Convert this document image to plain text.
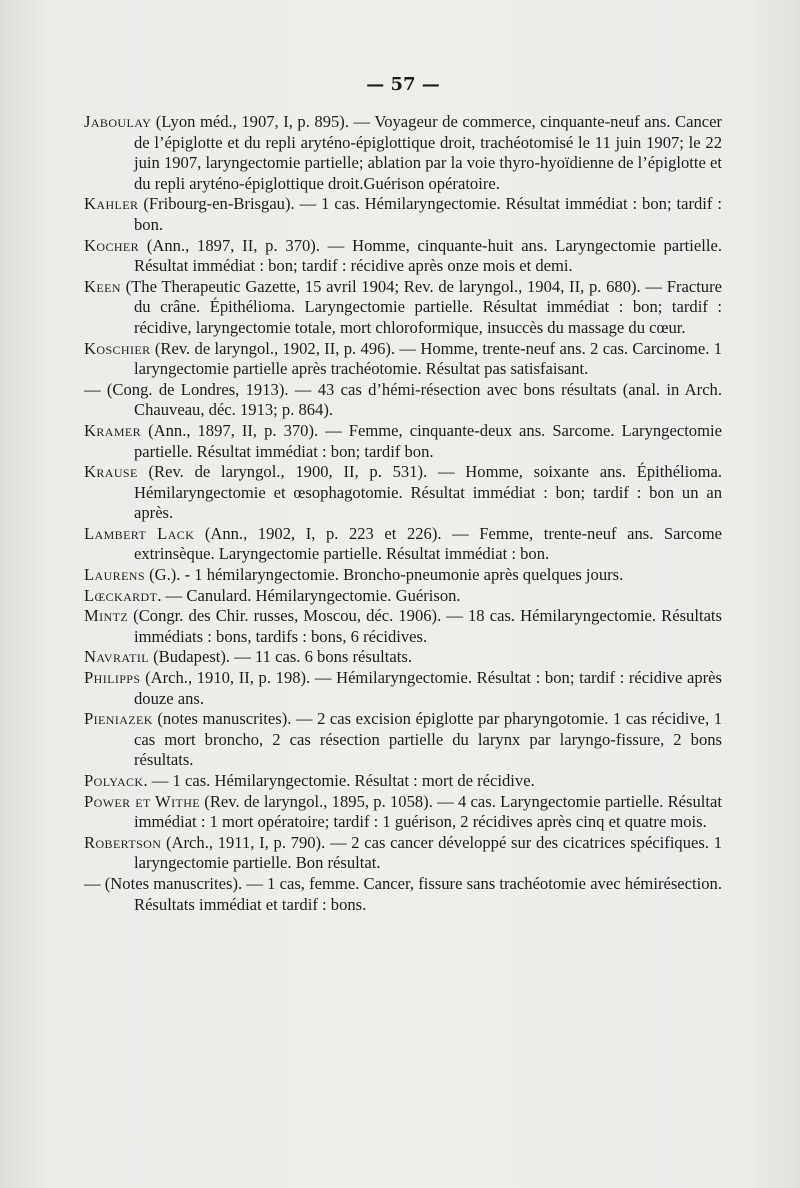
— 57 —
Jaboulay (Lyon méd., 1907, I, p. 895). — Voyageur de commerce, cinquante-neuf ans. Cancer de l’épiglotte et du repli aryténo-épiglottique droit, trachéotomisé le 11 juin 1907; le 22 juin 1907, laryngectomie partielle; ablation par la voie thyro-hyoïdienne de l’épiglotte et du repli aryténo-épiglottique droit.Guérison opératoire.
Kahler (Fribourg-en-Brisgau). — 1 cas. Hémilaryngectomie. Résultat immédiat : bon; tardif : bon.
Kocher (Ann., 1897, II, p. 370). — Homme, cinquante-huit ans. Laryngectomie partielle. Résultat immédiat : bon; tardif : récidive après onze mois et demi.
Keen (The Therapeutic Gazette, 15 avril 1904; Rev. de laryngol., 1904, II, p. 680). — Fracture du crâne. Épithélioma. Laryngectomie partielle. Résultat immédiat : bon; tardif : récidive, laryngectomie totale, mort chloroformique, insuccès du massage du cœur.
Koschier (Rev. de laryngol., 1902, II, p. 496). — Homme, trente-neuf ans. 2 cas. Carcinome. 1 laryngectomie partielle après trachéotomie. Résultat pas satisfaisant.
— (Cong. de Londres, 1913). — 43 cas d’hémi-résection avec bons résultats (anal. in Arch. Chauveau, déc. 1913; p. 864).
Kramer (Ann., 1897, II, p. 370). — Femme, cinquante-deux ans. Sarcome. Laryngectomie partielle. Résultat immédiat : bon; tardif bon.
Krause (Rev. de laryngol., 1900, II, p. 531). — Homme, soixante ans. Épithélioma. Hémilaryngectomie et œsophagotomie. Résultat immédiat : bon; tardif : bon un an après.
Lambert Lack (Ann., 1902, I, p. 223 et 226). — Femme, trente-neuf ans. Sarcome extrinsèque. Laryngectomie partielle. Résultat immédiat : bon.
Laurens (G.). - 1 hémilaryngectomie. Broncho-pneumonie après quelques jours.
Lœckardt. — Canulard. Hémilaryngectomie. Guérison.
Mintz (Congr. des Chir. russes, Moscou, déc. 1906). — 18 cas. Hémilaryngectomie. Résultats immédiats : bons, tardifs : bons, 6 récidives.
Navratil (Budapest). — 11 cas. 6 bons résultats.
Philipps (Arch., 1910, II, p. 198). — Hémilaryngectomie. Résultat : bon; tardif : récidive après douze ans.
Pieniazek (notes manuscrites). — 2 cas excision épiglotte par pharyngotomie. 1 cas récidive, 1 cas mort broncho, 2 cas résection partielle du larynx par laryngo-fissure, 2 bons résultats.
Polyack. — 1 cas. Hémilaryngectomie. Résultat : mort de récidive.
Power et Withe (Rev. de laryngol., 1895, p. 1058). — 4 cas. Laryngectomie partielle. Résultat immédiat : 1 mort opératoire; tardif : 1 guérison, 2 récidives après cinq et quatre mois.
Robertson (Arch., 1911, I, p. 790). — 2 cas cancer développé sur des cicatrices spécifiques. 1 laryngectomie partielle. Bon résultat.
— (Notes manuscrites). — 1 cas, femme. Cancer, fissure sans trachéotomie avec hémirésection. Résultats immédiat et tardif : bons.
